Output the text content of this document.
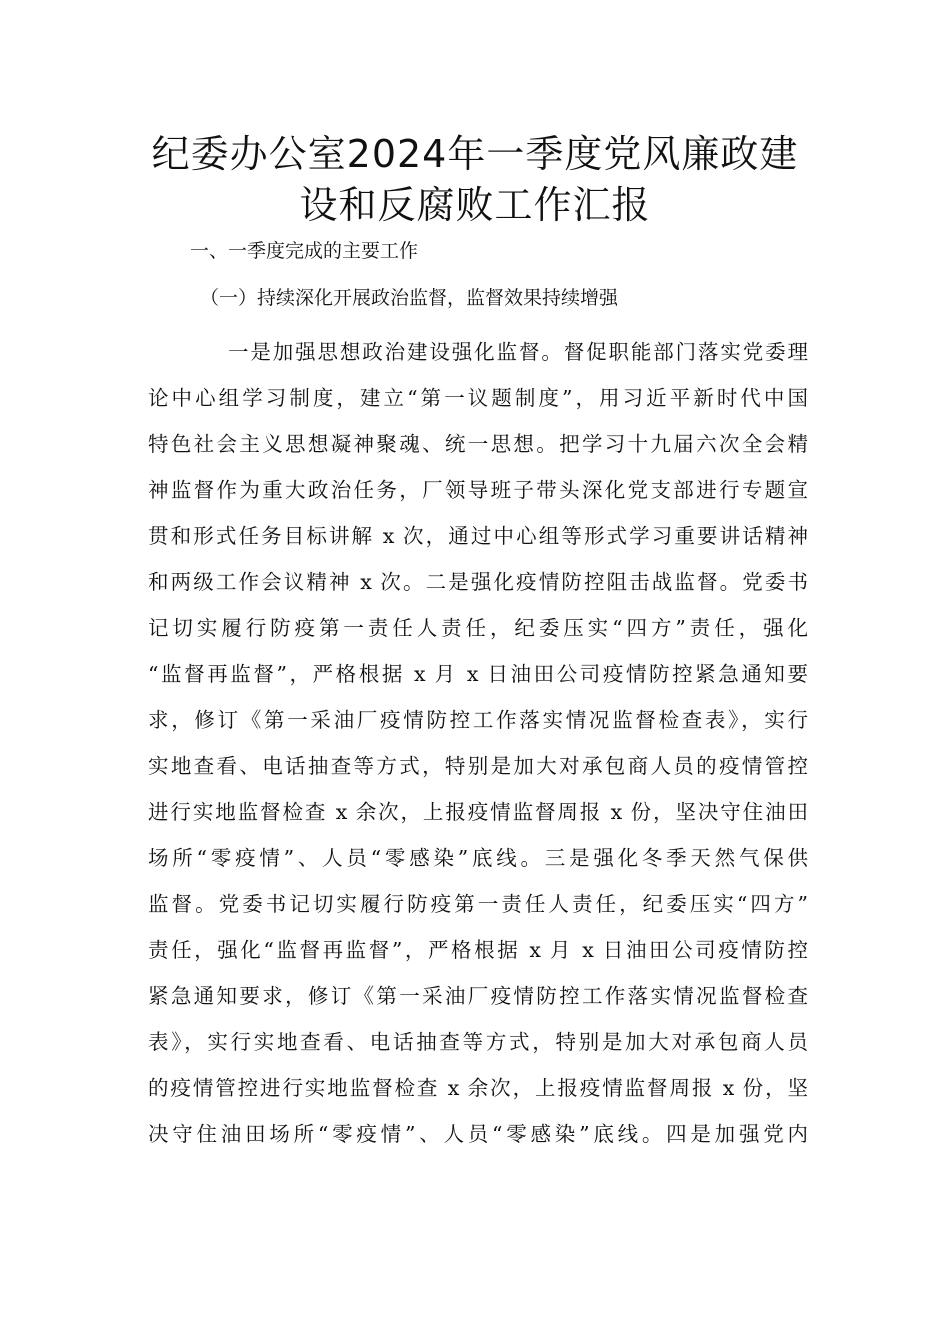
纪委办公室2024年一季度党风廉政建
设和反腐败工作汇报
一、一季度完成的主要工作
（一）持续深化开展政治监督，监督效果持续增强

一是加强思想政治建设强化监督。督促职能部门落实党委理

论中心组学习制度，建立“第一议题制度”，用习近平新时代中国

特色社会主义思想凝神聚魂、统一思想。把学习十九届六次全会精

神监督作为重大政治任务，厂领导班子带头深化党支部进行专题宣

贯和形式任务目标讲解 x 次，通过中心组等形式学习重要讲话精神

和两级工作会议精神 x 次。二是强化疫情防控阻击战监督。党委书

记切实履行防疫第一责任人责任，纪委压实“四方”责任，强化

“监督再监督”，严格根据 x 月 x 日油田公司疫情防控紧急通知要

求，修订《第一采油厂疫情防控工作落实情况监督检查表》，实行

实地查看、电话抽查等方式，特别是加大对承包商人员的疫情管控

进行实地监督检查 x 余次，上报疫情监督周报 x 份，坚决守住油田

场所“零疫情”、人员“零感染”底线。三是强化冬季天然气保供

监督。党委书记切实履行防疫第一责任人责任，纪委压实“四方”

责任，强化“监督再监督”，严格根据 x 月 x 日油田公司疫情防控

紧急通知要求，修订《第一采油厂疫情防控工作落实情况监督检查

表》，实行实地查看、电话抽查等方式，特别是加大对承包商人员

的疫情管控进行实地监督检查 x 余次，上报疫情监督周报 x 份，坚

决守住油田场所“零疫情”、人员“零感染”底线。四是加强党内
